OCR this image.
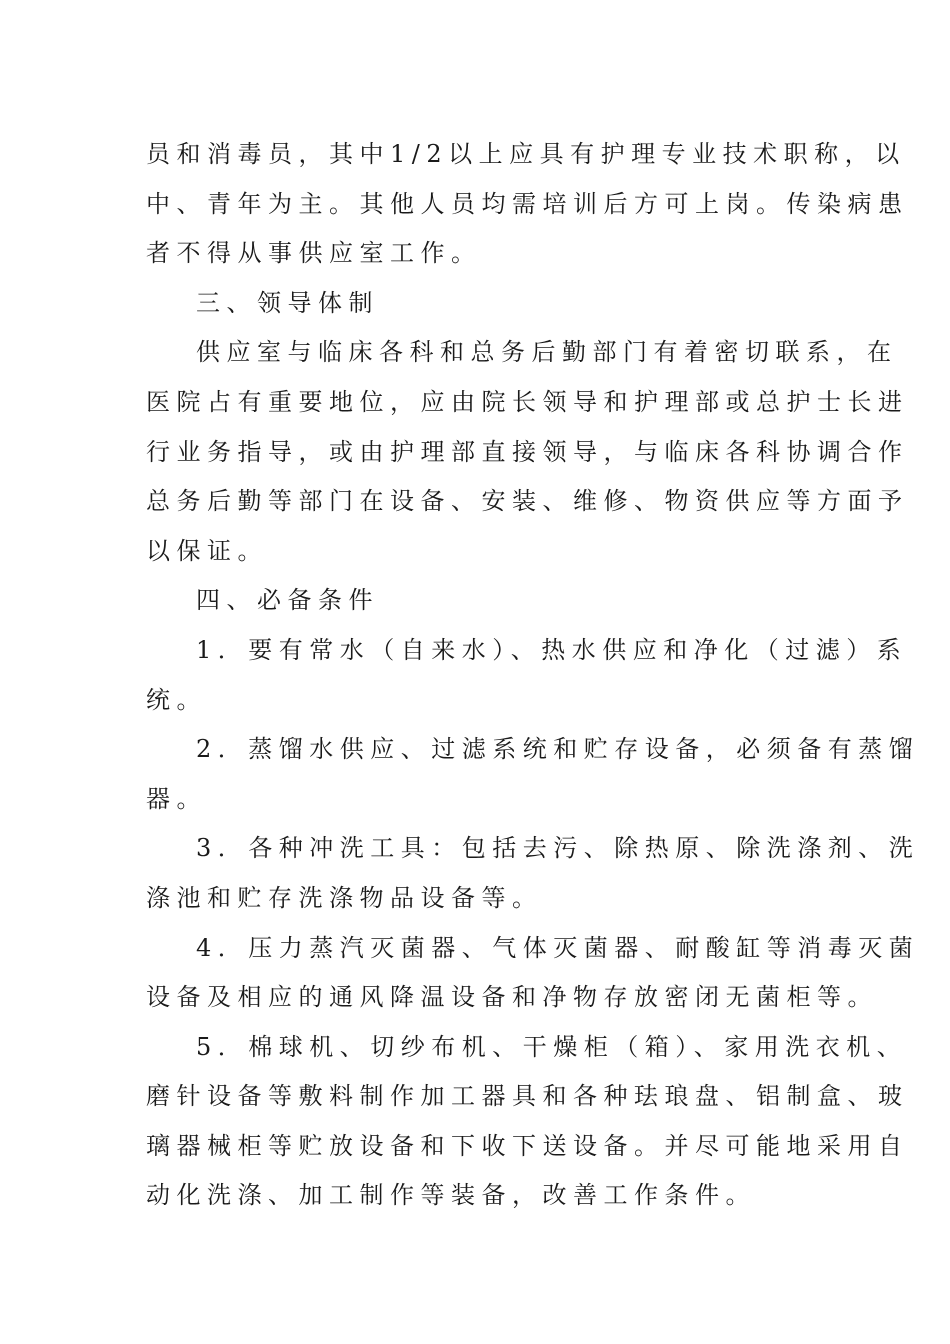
员和消毒员，其中1/2以上应具有护理专业技术职称，以
中、青年为主。其他人员均需培训后方可上岗。传染病患
者不得从事供应室工作。
三、领导体制
供应室与临床各科和总务后勤部门有着密切联系，在
医院占有重要地位，应由院长领导和护理部或总护士长进
行业务指导，或由护理部直接领导，与临床各科协调合作
总务后勤等部门在设备、安装、维修、物资供应等方面予
以保证。
四、必备条件
1．要有常水（自来水）、热水供应和净化（过滤）系
统。
2．蒸馏水供应、过滤系统和贮存设备，必须备有蒸馏
器。
3．各种冲洗工具：包括去污、除热原、除洗涤剂、洗
涤池和贮存洗涤物品设备等。
4．压力蒸汽灭菌器、气体灭菌器、耐酸缸等消毒灭菌
设备及相应的通风降温设备和净物存放密闭无菌柜等。
5．棉球机、切纱布机、干燥柜（箱）、家用洗衣机、
磨针设备等敷料制作加工器具和各种珐琅盘、铝制盒、玻
璃器械柜等贮放设备和下收下送设备。并尽可能地采用自
动化洗涤、加工制作等装备，改善工作条件。
